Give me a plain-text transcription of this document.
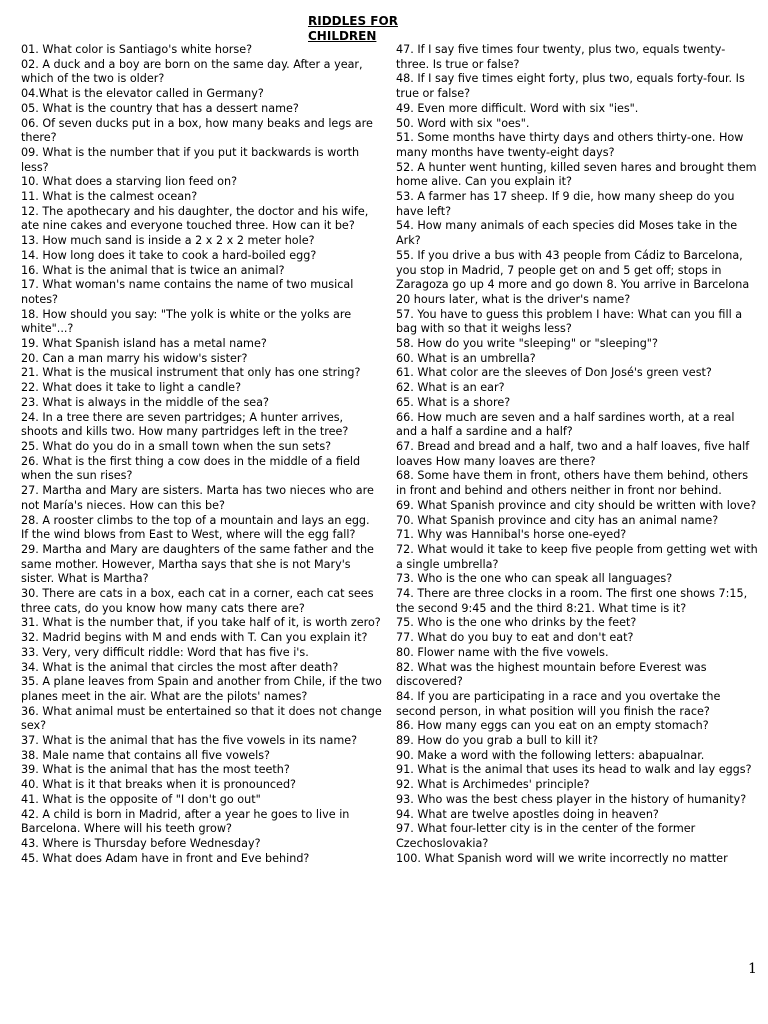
RIDDLES FOR CHILDREN
01. What color is Santiago's white horse?
02. A duck and a boy are born on the same day. After a year, which of the two is older?
04.What is the elevator called in Germany?
05. What is the country that has a dessert name?
06. Of seven ducks put in a box, how many beaks and legs are there?
09. What is the number that if you put it backwards is worth less?
10. What does a starving lion feed on?
11. What is the calmest ocean?
12. The apothecary and his daughter, the doctor and his wife, ate nine cakes and everyone touched three. How can it be?
13. How much sand is inside a 2 x 2 x 2 meter hole?
14. How long does it take to cook a hard-boiled egg?
16. What is the animal that is twice an animal?
17. What woman's name contains the name of two musical notes?
18. How should you say: "The yolk is white or the yolks are white"...?
19. What Spanish island has a metal name?
20. Can a man marry his widow's sister?
21. What is the musical instrument that only has one string?
22. What does it take to light a candle?
23. What is always in the middle of the sea?
24. In a tree there are seven partridges; A hunter arrives, shoots and kills two. How many partridges left in the tree?
25. What do you do in a small town when the sun sets?
26. What is the first thing a cow does in the middle of a field when the sun rises?
27. Martha and Mary are sisters. Marta has two nieces who are not María's nieces. How can this be?
28. A rooster climbs to the top of a mountain and lays an egg.
If the wind blows from East to West, where will the egg fall?
29. Martha and Mary are daughters of the same father and the same mother. However, Martha says that she is not Mary's sister. What is Martha?
30. There are cats in a box, each cat in a corner, each cat sees three cats, do you know how many cats there are?
31. What is the number that, if you take half of it, is worth zero?
32. Madrid begins with M and ends with T. Can you explain it?
33. Very, very difficult riddle: Word that has five i's.
34. What is the animal that circles the most after death?
35. A plane leaves from Spain and another from Chile, if the two planes meet in the air. What are the pilots' names?
36. What animal must be entertained so that it does not change sex?
37. What is the animal that has the five vowels in its name?
38. Male name that contains all five vowels?
39. What is the animal that has the most teeth?
40. What is it that breaks when it is pronounced?
41. What is the opposite of "I don't go out"
42. A child is born in Madrid, after a year he goes to live in Barcelona. Where will his teeth grow?
43. Where is Thursday before Wednesday?
45. What does Adam have in front and Eve behind?
47. If I say five times four twenty, plus two, equals twenty-three. Is true or false?
48. If I say five times eight forty, plus two, equals forty-four. Is true or false?
49. Even more difficult. Word with six "ies".
50. Word with six "oes".
51. Some months have thirty days and others thirty-one. How many months have twenty-eight days?
52. A hunter went hunting, killed seven hares and brought them home alive. Can you explain it?
53. A farmer has 17 sheep. If 9 die, how many sheep do you have left?
54. How many animals of each species did Moses take in the Ark?
55. If you drive a bus with 43 people from Cádiz to Barcelona, you stop in Madrid, 7 people get on and 5 get off; stops in Zaragoza go up 4 more and go down 8. You arrive in Barcelona 20 hours later, what is the driver's name?
57. You have to guess this problem I have: What can you fill a bag with so that it weighs less?
58. How do you write "sleeping" or "sleeping"?
60. What is an umbrella?
61. What color are the sleeves of Don José's green vest?
62. What is an ear?
65. What is a shore?
66. How much are seven and a half sardines worth, at a real and a half a sardine and a half?
67. Bread and bread and a half, two and a half loaves, five half loaves How many loaves are there?
68. Some have them in front, others have them behind, others in front and behind and others neither in front nor behind.
69. What Spanish province and city should be written with love?
70. What Spanish province and city has an animal name?
71. Why was Hannibal's horse one-eyed?
72. What would it take to keep five people from getting wet with a single umbrella?
73. Who is the one who can speak all languages?
74. There are three clocks in a room. The first one shows 7:15, the second 9:45 and the third 8:21. What time is it?
75. Who is the one who drinks by the feet?
77. What do you buy to eat and don't eat?
80. Flower name with the five vowels.
82. What was the highest mountain before Everest was discovered?
84. If you are participating in a race and you overtake the second person, in what position will you finish the race?
86. How many eggs can you eat on an empty stomach?
89. How do you grab a bull to kill it?
90. Make a word with the following letters: abapualnar.
91. What is the animal that uses its head to walk and lay eggs?
92. What is Archimedes' principle?
93. Who was the best chess player in the history of humanity?
94. What are twelve apostles doing in heaven?
97. What four-letter city is in the center of the former Czechoslovakia?
100. What Spanish word will we write incorrectly no matter
1
